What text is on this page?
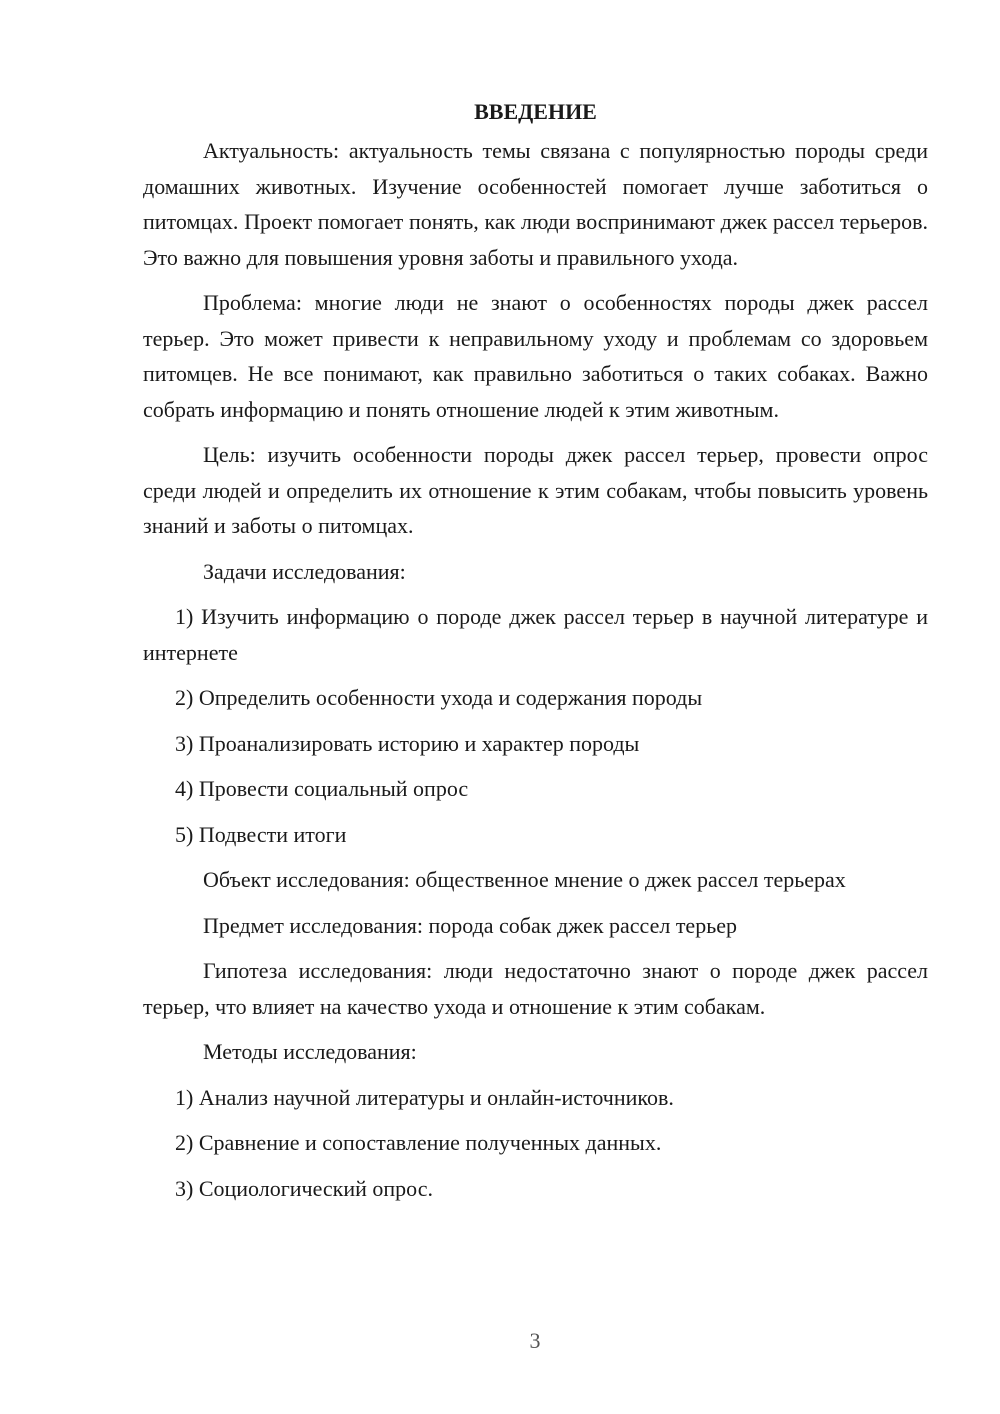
ВВЕДЕНИЕ

Актуальность: актуальность темы связана с популярностью породы среди домашних животных. Изучение особенностей помогает лучше заботиться о питомцах. Проект помогает понять, как люди воспринимают джек рассел терьеров. Это важно для повышения уровня заботы и правильного ухода.

Проблема: многие люди не знают о особенностях породы джек рассел терьер. Это может привести к неправильному уходу и проблемам со здоровьем питомцев. Не все понимают, как правильно заботиться о таких собаках. Важно собрать информацию и понять отношение людей к этим животным.

Цель: изучить особенности породы джек рассел терьер, провести опрос среди людей и определить их отношение к этим собакам, чтобы повысить уровень знаний и заботы о питомцах.

Задачи исследования:

1) Изучить информацию о породе джек рассел терьер в научной литературе и интернете

2) Определить особенности ухода и содержания породы

3) Проанализировать историю и характер породы

4) Провести социальный опрос

5) Подвести итоги

Объект исследования: общественное мнение о джек рассел терьерах

Предмет исследования: порода собак джек рассел терьер

Гипотеза исследования: люди недостаточно знают о породе джек рассел терьер, что влияет на качество ухода и отношение к этим собакам.

Методы исследования:

1) Анализ научной литературы и онлайн-источников.

2) Сравнение и сопоставление полученных данных.

3) Социологический опрос.

3
